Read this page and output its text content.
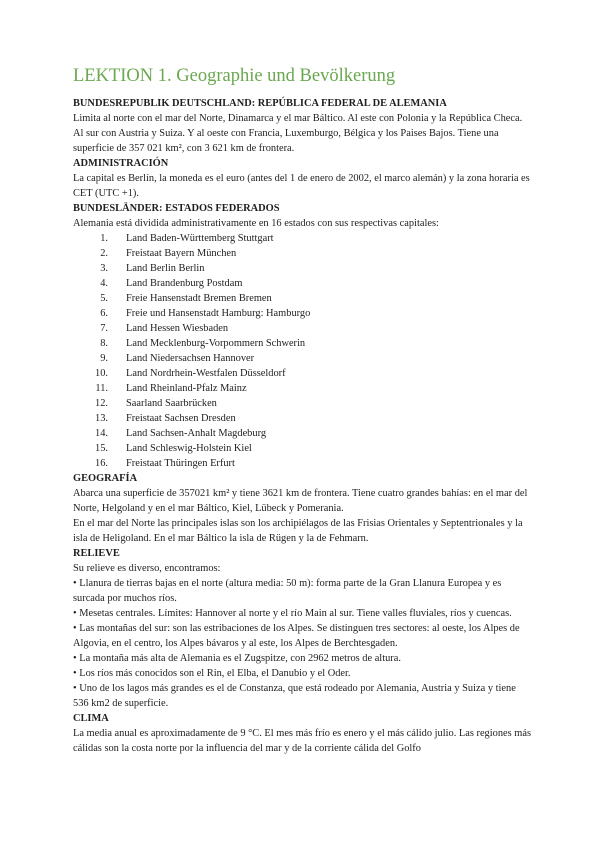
LEKTION 1. Geographie und Bevölkerung
BUNDESREPUBLIK DEUTSCHLAND: REPÚBLICA FEDERAL DE ALEMANIA

Limita al norte con el mar del Norte, Dinamarca y el mar Báltico. Al este con Polonia y la República Checa. Al sur con Austria y Suiza. Y al oeste con Francia, Luxemburgo, Bélgica y los Paises Bajos. Tiene una superficie de 357 021 km², con 3 621 km de frontera.

ADMINISTRACIÓN

La capital es Berlín, la moneda es el euro (antes del 1 de enero de 2002, el marco alemán) y la zona horaria es CET (UTC +1).

BUNDESLÄNDER: ESTADOS FEDERADOS

Alemania está dividida administrativamente en 16 estados con sus respectivas capitales:

1. Land Baden-Württemberg Stuttgart
2. Freistaat Bayern München
3. Land Berlin Berlin
4. Land Brandenburg Postdam
5. Freie Hansenstadt Bremen Bremen
6. Freie und Hansenstadt Hamburg: Hamburgo
7. Land Hessen Wiesbaden
8. Land Mecklenburg-Vorpommern Schwerin
9. Land Niedersachsen Hannover
10. Land Nordrhein-Westfalen Düsseldorf
11. Land Rheinland-Pfalz Mainz
12. Saarland Saarbrücken
13. Freistaat Sachsen Dresden
14. Land Sachsen-Anhalt Magdeburg
15. Land Schleswig-Holstein Kiel
16. Freistaat Thüringen Erfurt
GEOGRAFÍA

Abarca una superficie de 357021 km² y tiene 3621 km de frontera. Tiene cuatro grandes bahías: en el mar del Norte, Helgoland y en el mar Báltico, Kiel, Lübeck y Pomerania.

En el mar del Norte las principales islas son los archipiélagos de las Frisias Orientales y Septentrionales y la isla de Heligoland. En el mar Báltico la isla de Rügen y la de Fehmarn.

RELIEVE

Su relieve es diverso, encontramos:

• Llanura de tierras bajas en el norte (altura media: 50 m): forma parte de la Gran Llanura Europea y es surcada por muchos ríos.

• Mesetas centrales. Límites: Hannover al norte y el río Main al sur. Tiene valles fluviales, ríos y cuencas.

• Las montañas del sur: son las estribaciones de los Alpes. Se distinguen tres sectores: al oeste, los Alpes de Algovia, en el centro, los Alpes bávaros y al este, los Alpes de Berchtesgaden.

• La montaña más alta de Alemania es el Zugspitze, con 2962 metros de altura.

• Los ríos más conocidos son el Rin, el Elba, el Danubio y el Oder.

• Uno de los lagos más grandes es el de Constanza, que está rodeado por Alemania, Austria y Suiza y tiene 536 km2 de superficie.

CLIMA

La media anual es aproximadamente de 9 °C. El mes más frío es enero y el más cálido julio. Las regiones más cálidas son la costa norte por la influencia del mar y de la corriente cálida del Golfo
